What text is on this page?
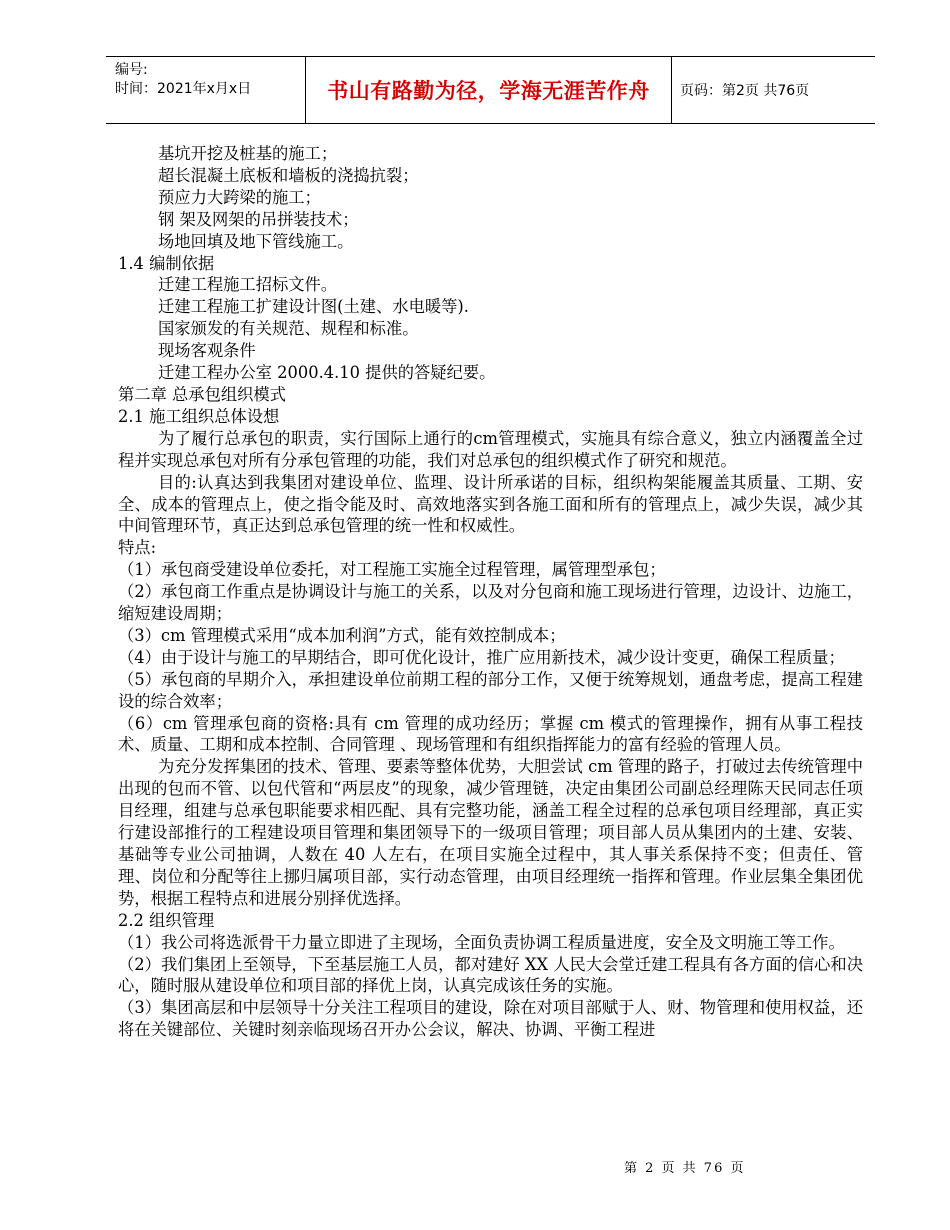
编号:
时间：2021年x月x日	书山有路勤为径，学海无涯苦作舟	页码：第2页 共76页

基坑开挖及桩基的施工；

超长混凝土底板和墙板的浇捣抗裂；

预应力大跨梁的施工；

钢 架及网架的吊拼装技术；

场地回填及地下管线施工。

1.4 编制依据

迁建工程施工招标文件。

迁建工程施工扩建设计图(土建、水电暖等).

国家颁发的有关规范、规程和标准。

现场客观条件

迁建工程办公室 2000.4.10 提供的答疑纪要。

第二章 总承包组织模式

2.1 施工组织总体设想

为了履行总承包的职责，实行国际上通行的cm管理模式，实施具有综合意义，独立内涵覆盖全过程并实现总承包对所有分承包管理的功能，我们对总承包的组织模式作了研究和规范。

目的:认真达到我集团对建设单位、监理、设计所承诺的目标，组织构架能履盖其质量、工期、安全、成本的管理点上，使之指令能及时、高效地落实到各施工面和所有的管理点上，减少失误，减少其中间管理环节，真正达到总承包管理的统一性和权威性。

特点:

（1）承包商受建设单位委托，对工程施工实施全过程管理，属管理型承包；

（2）承包商工作重点是协调设计与施工的关系，以及对分包商和施工现场进行管理，边设计、边施工，缩短建设周期；

（3）cm 管理模式采用“成本加利润”方式，能有效控制成本；

（4）由于设计与施工的早期结合，即可优化设计，推广应用新技术，减少设计变更，确保工程质量；

（5）承包商的早期介入，承担建设单位前期工程的部分工作，又便于统筹规划，通盘考虑，提高工程建设的综合效率；

（6）cm 管理承包商的资格:具有 cm 管理的成功经历；掌握 cm 模式的管理操作，拥有从事工程技术、质量、工期和成本控制、合同管理 、现场管理和有组织指挥能力的富有经验的管理人员。

为充分发挥集团的技术、管理、要素等整体优势，大胆尝试 cm 管理的路子，打破过去传统管理中出现的包而不管、以包代管和“两层皮”的现象，减少管理链，决定由集团公司副总经理陈天民同志任项目经理，组建与总承包职能要求相匹配、具有完整功能，涵盖工程全过程的总承包项目经理部，真正实行建设部推行的工程建设项目管理和集团领导下的一级项目管理；项目部人员从集团内的土建、安装、基础等专业公司抽调，人数在 40 人左右，在项目实施全过程中，其人事关系保持不变；但责任、管理、岗位和分配等往上挪归属项目部，实行动态管理，由项目经理统一指挥和管理。作业层集全集团优势，根据工程特点和进展分别择优选择。

2.2 组织管理

（1）我公司将选派骨干力量立即进了主现场，全面负责协调工程质量进度，安全及文明施工等工作。

（2）我们集团上至领导，下至基层施工人员，都对建好 XX 人民大会堂迁建工程具有各方面的信心和决心，随时服从建设单位和项目部的择优上岗，认真完成该任务的实施。

（3）集团高层和中层领导十分关注工程项目的建设，除在对项目部赋于人、财、物管理和使用权益，还将在关键部位、关键时刻亲临现场召开办公会议，解决、协调、平衡工程进

第 2 页 共 76 页
